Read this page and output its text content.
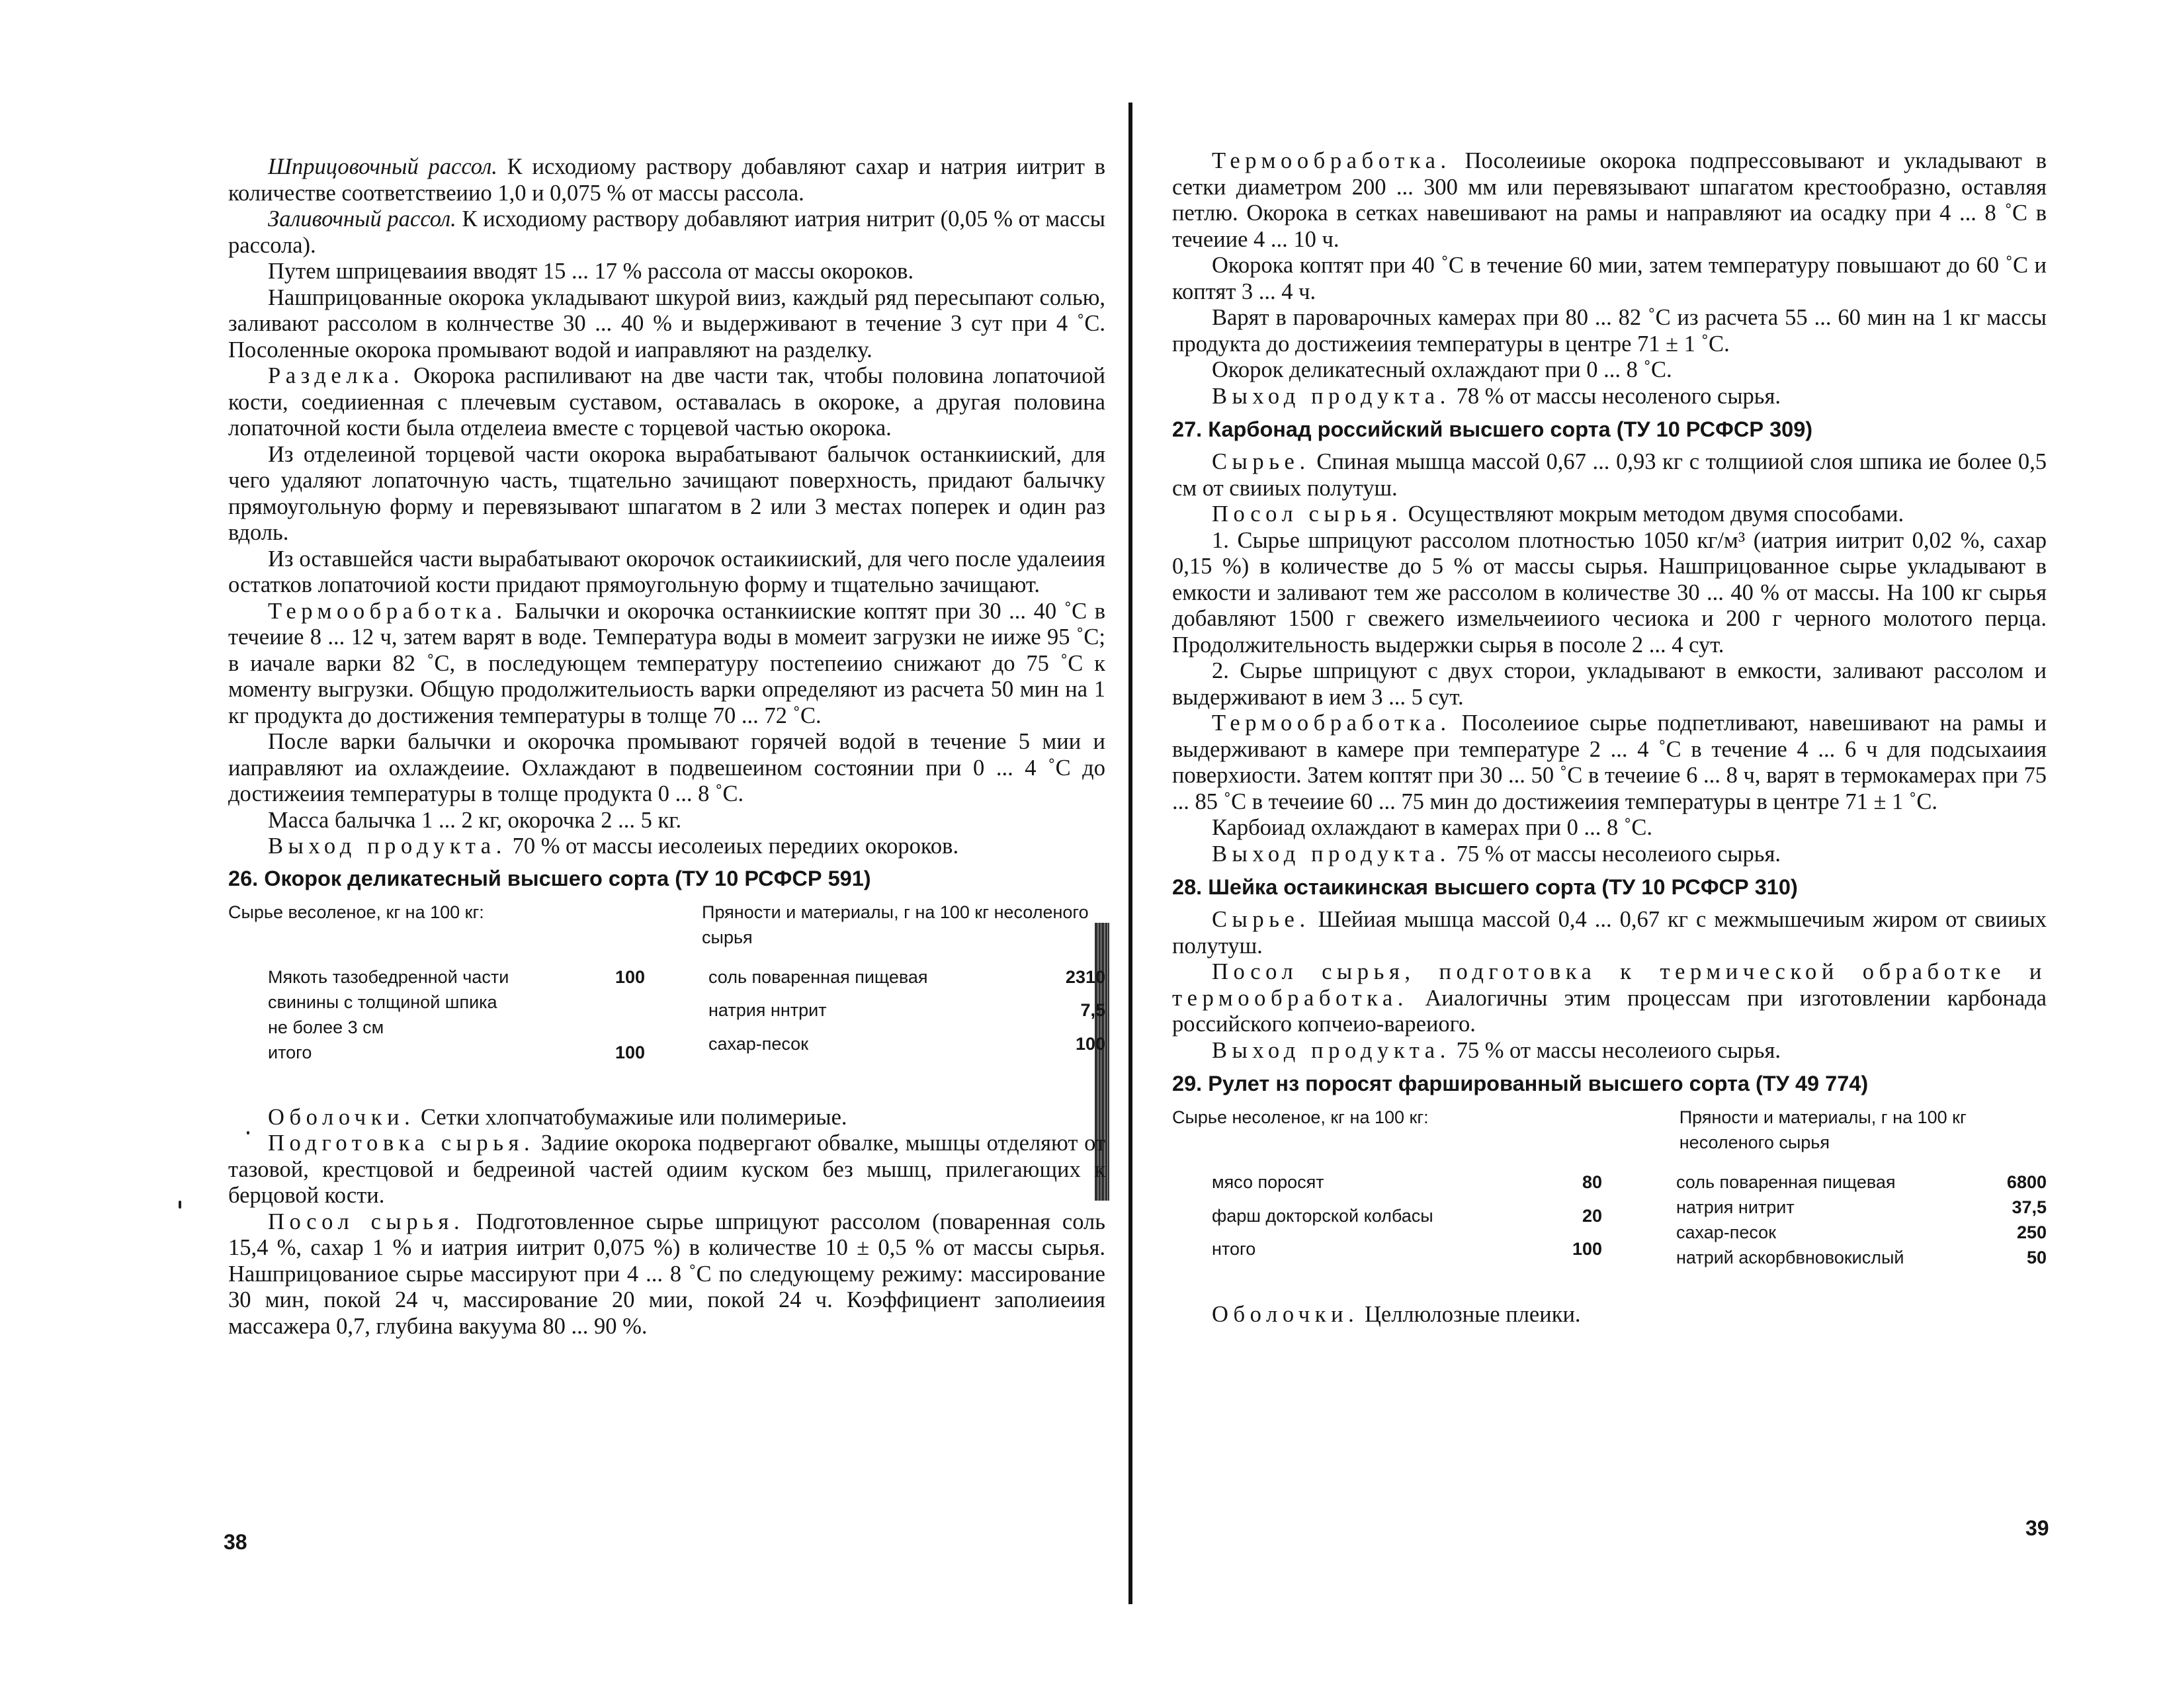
Шприцовочный рассол. К исходиому раствору добавляют сахар и натрия иитрит в количестве соответствеиио 1,0 и 0,075 % от массы рассола.

Заливочный рассол. К исходиому раствору добавляют иатрия нитрит (0,05 % от массы рассола).

Путем шприцеваиия вводят 15 ... 17 % рассола от массы окороков.

Нашприцованные окорока укладывают шкурой вииз, каждый ряд пересыпают солью, заливают рассолом в колнчестве 30 ... 40 % и выдерживают в течение 3 сут при 4 ˚С. Посоленные окорока промывают водой и иаправляют на разделку.

Разделка. Окорока распиливают на две части так, чтобы половина лопаточиой кости, соедииенная с плечевым суставом, оставалась в окороке, а другая половина лопаточной кости была отделеиа вместе с торцевой частью окорока.

Из отделеиной торцевой части окорока вырабатывают балычок останкииский, для чего удаляют лопаточную часть, тщательно зачищают поверхность, придают балычку прямоугольную форму и перевязывают шпагатом в 2 или 3 местах поперек и один раз вдоль.

Из оставшейся части вырабатывают окорочок остаикииский, для чего после удалеиия остатков лопаточиой кости придают прямоугольную форму и тщательно зачищают.

Термообработка. Балычки и окорочка останкииские коптят при 30 ... 40 ˚С в течеиие 8 ... 12 ч, затем варят в воде. Температура воды в момеит загрузки не ииже 95 ˚С; в иачале варки 82 ˚С, в последующем температуру постепеиио снижают до 75 ˚С к моменту выгрузки. Общую продолжительиость варки определяют из расчета 50 мин на 1 кг продукта до достижения температуры в толще 70 ... 72 ˚С.

После варки балычки и окорочка промывают горячей водой в течение 5 мии и иаправляют иа охлаждеиие. Охлаждают в подвешеином состоянии при 0 ... 4 ˚С до достижеиия температуры в толще продукта 0 ... 8 ˚С.

Масса балычка 1 ... 2 кг, окорочка 2 ... 5 кг.

Выход продукта. 70 % от массы иесолеиых передиих окороков.

26. Окорок деликатесный высшего сорта (ТУ 10 РСФСР 591)
Сырье весоленое, кг на 100 кг:	Пряности и материалы, г на 100 кг несоленого сырья
Мякоть тазобедренной части	100
свинины с толщиной шпика	
не более 3 см	
итого	100
соль поваренная пищевая	2310
натрия ннтрит	7,5
сахар-песок	100

Оболочки. Сетки хлопчатобумажиые или полимериые.

Подготовка сырья. Задиие окорока подвергают обвалке, мышцы отделяют от тазовой, крестцовой и бедреиной частей одиим куском без мышц, прилегающих к берцовой кости.

Посол сырья. Подготовленное сырье шприцуют рассолом (поваренная соль 15,4 %, сахар 1 % и иатрия иитрит 0,075 %) в количестве 10 ± 0,5 % от массы сырья. Нашприцованиое сырье массируют при 4 ... 8 ˚С по следующему режиму: массирование 30 мин, покой 24 ч, массирование 20 мии, покой 24 ч. Коэффициент заполиеиия массажера 0,7, глубина вакуума 80 ... 90 %.

38

Термообработка. Посолеииые окорока подпрессовывают и укладывают в сетки диаметром 200 ... 300 мм или перевязывают шпагатом крестообразно, оставляя петлю. Окорока в сетках навешивают на рамы и направляют иа осадку при 4 ... 8 ˚С в течеиие 4 ... 10 ч.

Окорока коптят при 40 ˚С в течение 60 мии, затем температуру повышают до 60 ˚С и коптят 3 ... 4 ч.

Варят в пароварочных камерах при 80 ... 82 ˚С из расчета 55 ... 60 мин на 1 кг массы продукта до достижеиия температуры в центре 71 ± 1 ˚С.

Окорок деликатесный охлаждают при 0 ... 8 ˚С.

Выход продукта. 78 % от массы несоленого сырья.

27. Карбонад российский высшего сорта (ТУ 10 РСФСР 309)

Сырье. Спиная мышца массой 0,67 ... 0,93 кг с толщииой слоя шпика ие более 0,5 см от свииых полутуш.

Посол сырья. Осуществляют мокрым методом двумя способами.

1. Сырье шприцуют рассолом плотностью 1050 кг/м³ (иатрия иитрит 0,02 %, сахар 0,15 %) в количестве до 5 % от массы сырья. Нашприцованное сырье укладывают в емкости и заливают тем же рассолом в количестве 30 ... 40 % от массы. На 100 кг сырья добавляют 1500 г свежего измельчеииого чесиока и 200 г черного молотого перца. Продолжительность выдержки сырья в посоле 2 ... 4 сут.

2. Сырье шприцуют с двух сторои, укладывают в емкости, заливают рассолом и выдерживают в ием 3 ... 5 сут.

Термообработка. Посолеииое сырье подпетливают, навешивают на рамы и выдерживают в камере при температуре 2 ... 4 ˚С в течение 4 ... 6 ч для подсыхаиия поверхиости. Затем коптят при 30 ... 50 ˚С в течеиие 6 ... 8 ч, варят в термокамерах при 75 ... 85 ˚С в течеиие 60 ... 75 мин до достижеиия температуры в центре 71 ± 1 ˚С.

Карбоиад охлаждают в камерах при 0 ... 8 ˚С.

Выход продукта. 75 % от массы несолеиого сырья.

28. Шейка остаикинская высшего сорта (ТУ 10 РСФСР 310)

Сырье. Шейиая мышца массой 0,4 ... 0,67 кг с межмышечиым жиром от свииых полутуш.

Посол сырья, подготовка к термической обработке и термообработка. Аиалогичны этим процессам при изготовлении карбонада российского копчеио-вареиого.

Выход продукта. 75 % от массы несолеиого сырья.

29. Рулет нз поросят фаршированный высшего сорта (ТУ 49 774)
Сырье несоленое, кг на 100 кг:	Пряности и материалы, г на 100 кг несоленого сырья
мясо поросят	80
фарш докторской колбасы	20
нтого	100
соль поваренная пищевая	6800
натрия нитрит	37,5
сахар-песок	250
натрий аскорбвновокислый	50

Оболочки. Целлюлозные плеики.

39
